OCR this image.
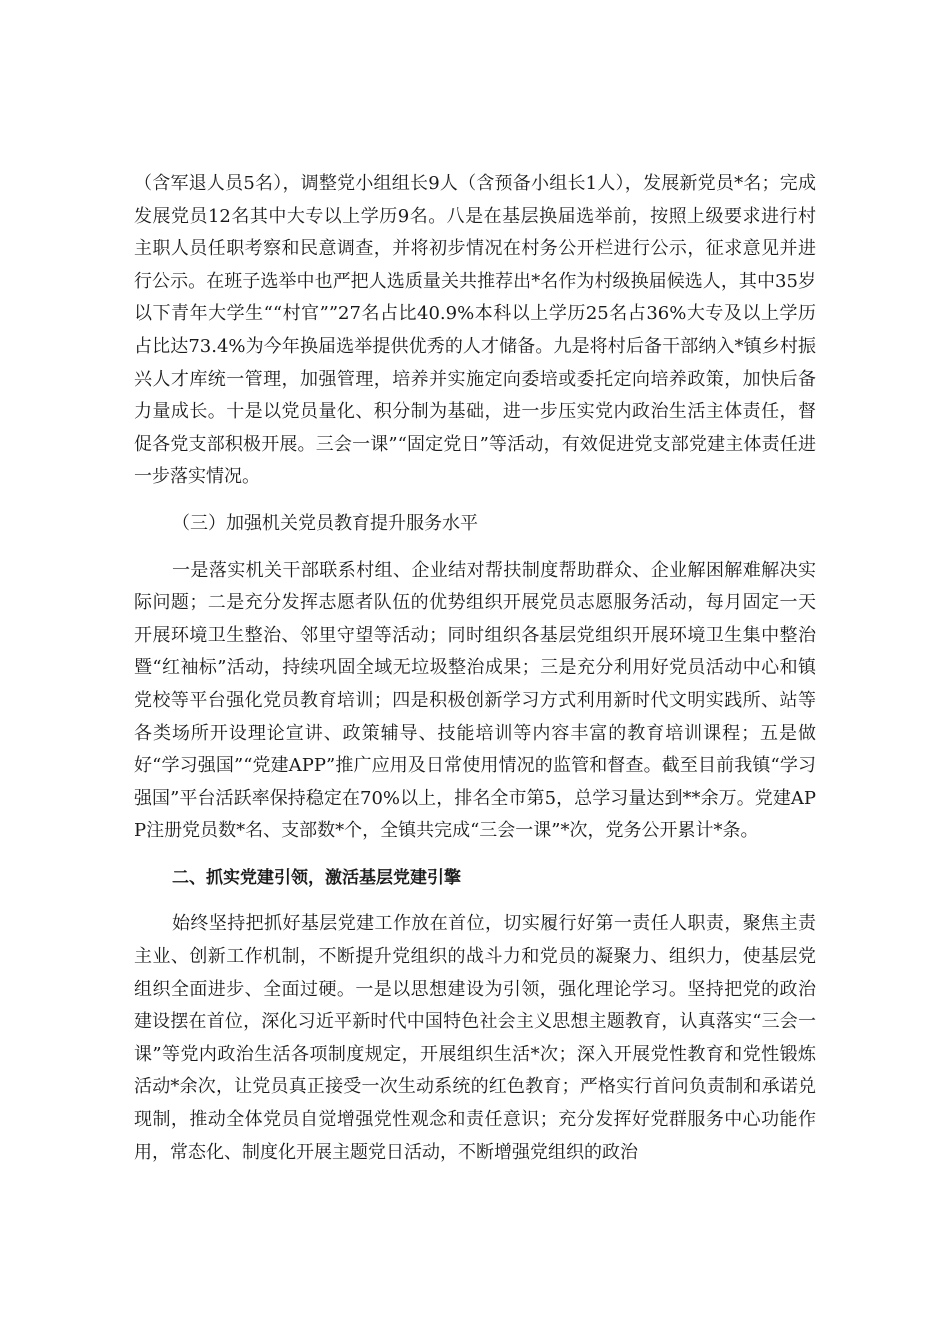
（含军退人员5名），调整党小组组长9人（含预备小组长1人），发展新党员*名；完成发展党员12名其中大专以上学历9名。八是在基层换届选举前，按照上级要求进行村主职人员任职考察和民意调查，并将初步情况在村务公开栏进行公示，征求意见并进行公示。在班子选举中也严把人选质量关共推荐出*名作为村级换届候选人，其中35岁以下青年大学生““村官””27名占比40.9%本科以上学历25名占36%大专及以上学历占比达73.4%为今年换届选举提供优秀的人才储备。九是将村后备干部纳入*镇乡村振兴人才库统一管理，加强管理，培养并实施定向委培或委托定向培养政策，加快后备力量成长。十是以党员量化、积分制为基础，进一步压实党内政治生活主体责任，督促各党支部积极开展。三会一课”“固定党日”等活动，有效促进党支部党建主体责任进一步落实情况。

（三）加强机关党员教育提升服务水平

一是落实机关干部联系村组、企业结对帮扶制度帮助群众、企业解困解难解决实际问题；二是充分发挥志愿者队伍的优势组织开展党员志愿服务活动，每月固定一天开展环境卫生整治、邻里守望等活动；同时组织各基层党组织开展环境卫生集中整治暨“红袖标”活动，持续巩固全域无垃圾整治成果；三是充分利用好党员活动中心和镇党校等平台强化党员教育培训；四是积极创新学习方式利用新时代文明实践所、站等各类场所开设理论宣讲、政策辅导、技能培训等内容丰富的教育培训课程；五是做好“学习强国”“党建APP”推广应用及日常使用情况的监管和督查。截至目前我镇“学习强国”平台活跃率保持稳定在70%以上，排名全市第5，总学习量达到**余万。党建APP注册党员数*名、支部数*个，全镇共完成“三会一课”*次，党务公开累计*条。

二、抓实党建引领，激活基层党建引擎

始终坚持把抓好基层党建工作放在首位，切实履行好第一责任人职责，聚焦主责主业、创新工作机制，不断提升党组织的战斗力和党员的凝聚力、组织力，使基层党组织全面进步、全面过硬。一是以思想建设为引领，强化理论学习。坚持把党的政治建设摆在首位，深化习近平新时代中国特色社会主义思想主题教育，认真落实“三会一课”等党内政治生活各项制度规定，开展组织生活*次；深入开展党性教育和党性锻炼活动*余次，让党员真正接受一次生动系统的红色教育；严格实行首问负责制和承诺兑现制，推动全体党员自觉增强党性观念和责任意识；充分发挥好党群服务中心功能作用，常态化、制度化开展主题党日活动，不断增强党组织的政治
